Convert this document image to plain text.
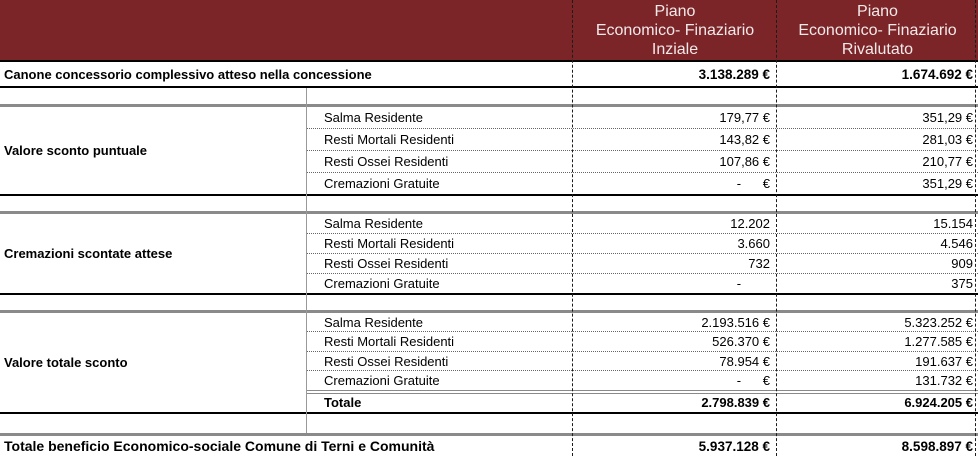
Piano
Economico- Finaziario
Inziale
Piano
Economico- Finaziario
Rivalutato
Canone concessorio complessivo atteso nella concessione	3.138.289 €	1.674.692 €
Valore sconto puntuale
Salma Residente	179,77 €	351,29 €
Resti Mortali Residenti	143,82 €	281,03 €
Resti Ossei Residenti	107,86 €	210,77 €
Cremazioni Gratuite	-      €	351,29 €
Cremazioni scontate attese
Salma Residente	12.202	15.154
Resti Mortali Residenti	3.660	4.546
Resti Ossei Residenti	732	909
Cremazioni Gratuite	-	375
Valore totale sconto
Salma Residente	2.193.516 €	5.323.252 €
Resti Mortali Residenti	526.370 €	1.277.585 €
Resti Ossei Residenti	78.954 €	191.637 €
Cremazioni Gratuite	-      €	131.732 €
Totale	2.798.839 €	6.924.205 €
Totale beneficio Economico-sociale Comune di Terni e Comunità	5.937.128 €	8.598.897 €
